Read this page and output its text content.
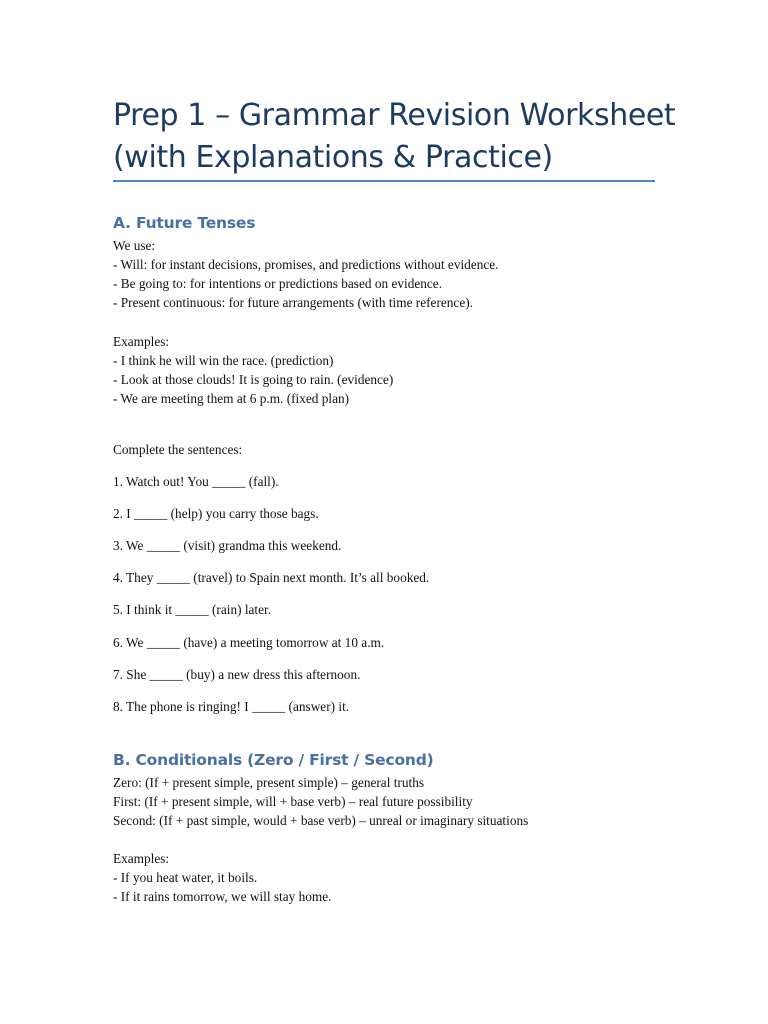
Prep 1 – Grammar Revision Worksheet
(with Explanations & Practice)
A. Future Tenses
We use:
- Will: for instant decisions, promises, and predictions without evidence.
- Be going to: for intentions or predictions based on evidence.
- Present continuous: for future arrangements (with time reference).
Examples:
- I think he will win the race. (prediction)
- Look at those clouds! It is going to rain. (evidence)
- We are meeting them at 6 p.m. (fixed plan)
Complete the sentences:
1. Watch out! You _____ (fall).
2. I _____ (help) you carry those bags.
3. We _____ (visit) grandma this weekend.
4. They _____ (travel) to Spain next month. It’s all booked.
5. I think it _____ (rain) later.
6. We _____ (have) a meeting tomorrow at 10 a.m.
7. She _____ (buy) a new dress this afternoon.
8. The phone is ringing! I _____ (answer) it.
B. Conditionals (Zero / First / Second)
Zero: (If + present simple, present simple) – general truths
First: (If + present simple, will + base verb) – real future possibility
Second: (If + past simple, would + base verb) – unreal or imaginary situations
Examples:
- If you heat water, it boils.
- If it rains tomorrow, we will stay home.
